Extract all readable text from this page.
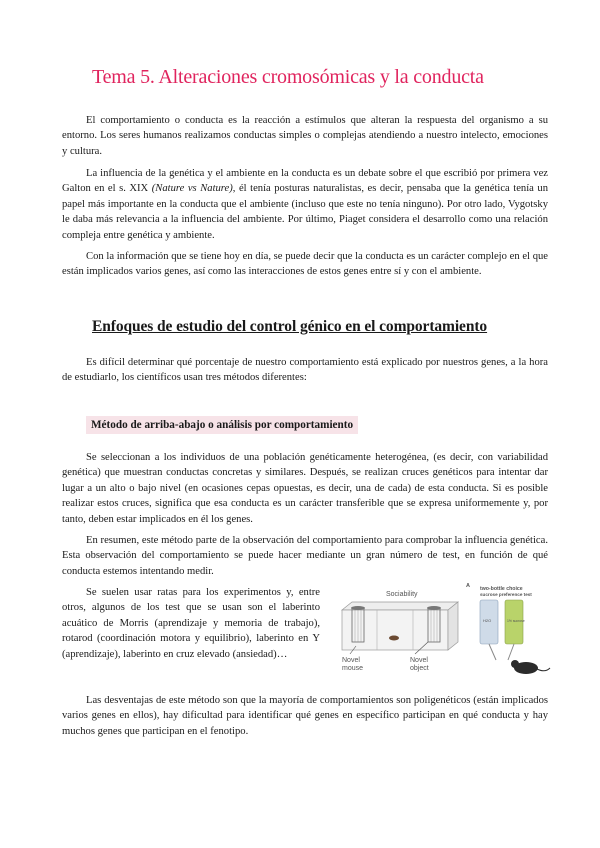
Tema 5. Alteraciones cromosómicas y la conducta

El comportamiento o conducta es la reacción a estímulos que alteran la respuesta del organismo a su entorno. Los seres humanos realizamos conductas simples o complejas atendiendo a nuestro intelecto, emociones y cultura.

La influencia de la genética y el ambiente en la conducta es un debate sobre el que escribió por primera vez Galton en el s. XIX (Nature vs Nature), él tenía posturas naturalistas, es decir, pensaba que la genética tenía un papel más importante en la conducta que el ambiente (incluso que este no tenía ninguno). Por otro lado, Vygotsky le daba más relevancia a la influencia del ambiente. Por último, Piaget considera el desarrollo como una relación compleja entre genética y ambiente.

Con la información que se tiene hoy en día, se puede decir que la conducta es un carácter complejo en el que están implicados varios genes, así como las interacciones de estos genes entre sí y con el ambiente.

Enfoques de estudio del control génico en el comportamiento

Es difícil determinar qué porcentaje de nuestro comportamiento está explicado por nuestros genes, a la hora de estudiarlo, los científicos usan tres métodos diferentes:

Método de arriba-abajo o análisis por comportamiento

Se seleccionan a los individuos de una población genéticamente heterogénea, (es decir, con variabilidad genética) que muestran conductas concretas y similares. Después, se realizan cruces genéticos para intentar dar lugar a un alto o bajo nivel (en ocasiones cepas opuestas, es decir, una de cada) de esta conducta. Si es posible realizar estos cruces, significa que esa conducta es un carácter transferible que se expresa uniformemente y, por tanto, deben estar implicados en él los genes.

En resumen, este método parte de la observación del comportamiento para comprobar la influencia genética. Esta observación del comportamiento se puede hacer mediante un gran número de test, en función de qué conducta estemos intentando medir.

Se suelen usar ratas para los experimentos y, entre otros, algunos de los test que se usan son el laberinto acuático de Morris (aprendizaje y memoria de trabajo), rotarod (coordinación motora y equilibrio), laberinto en Y (aprendizaje), laberinto en cruz elevado (ansiedad)…

Las desventajas de este método son que la mayoría de comportamientos son poligenéticos (están implicados varios genes en ellos), hay dificultad para identificar qué genes en específico participan en qué conducta y hay muchos genes que participan en el fenotipo.

Sociability
Novel
mouse
Novel
object
A two-bottle choice
sucrose preference test
H2O	1% sucrose
